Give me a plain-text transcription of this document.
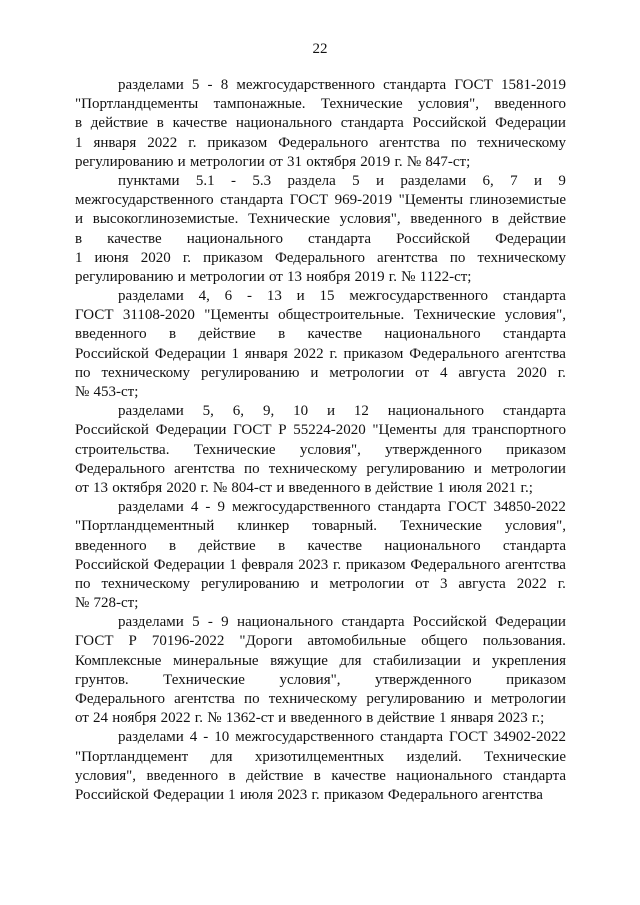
22
разделами 5 - 8 межгосударственного стандарта ГОСТ 1581-2019
"Портландцементы тампонажные. Технические условия", введенного
в действие в качестве национального стандарта Российской Федерации
1 января 2022 г. приказом Федерального агентства по техническому
регулированию и метрологии от 31 октября 2019 г. № 847-ст;
пунктами 5.1 - 5.3 раздела 5 и разделами 6, 7 и 9
межгосударственного стандарта ГОСТ 969-2019 "Цементы глиноземистые
и высокоглиноземистые. Технические условия", введенного в действие
в качестве национального стандарта Российской Федерации
1 июня 2020 г. приказом Федерального агентства по техническому
регулированию и метрологии от 13 ноября 2019 г. № 1122-ст;
разделами 4, 6 - 13 и 15 межгосударственного стандарта
ГОСТ 31108-2020 "Цементы общестроительные. Технические условия",
введенного в действие в качестве национального стандарта
Российской Федерации 1 января 2022 г. приказом Федерального агентства
по техническому регулированию и метрологии от 4 августа 2020 г.
№ 453-ст;
разделами 5, 6, 9, 10 и 12 национального стандарта
Российской Федерации ГОСТ Р 55224-2020 "Цементы для транспортного
строительства. Технические условия", утвержденного приказом
Федерального агентства по техническому регулированию и метрологии
от 13 октября 2020 г. № 804-ст и введенного в действие 1 июля 2021 г.;
разделами 4 - 9 межгосударственного стандарта ГОСТ 34850-2022
"Портландцементный клинкер товарный. Технические условия",
введенного в действие в качестве национального стандарта
Российской Федерации 1 февраля 2023 г. приказом Федерального агентства
по техническому регулированию и метрологии от 3 августа 2022 г.
№ 728-ст;
разделами 5 - 9 национального стандарта Российской Федерации
ГОСТ Р 70196-2022 "Дороги автомобильные общего пользования.
Комплексные минеральные вяжущие для стабилизации и укрепления
грунтов. Технические условия", утвержденного приказом
Федерального агентства по техническому регулированию и метрологии
от 24 ноября 2022 г. № 1362-ст и введенного в действие 1 января 2023 г.;
разделами 4 - 10 межгосударственного стандарта ГОСТ 34902-2022
"Портландцемент для хризотилцементных изделий. Технические
условия", введенного в действие в качестве национального стандарта
Российской Федерации 1 июля 2023 г. приказом Федерального агентства
